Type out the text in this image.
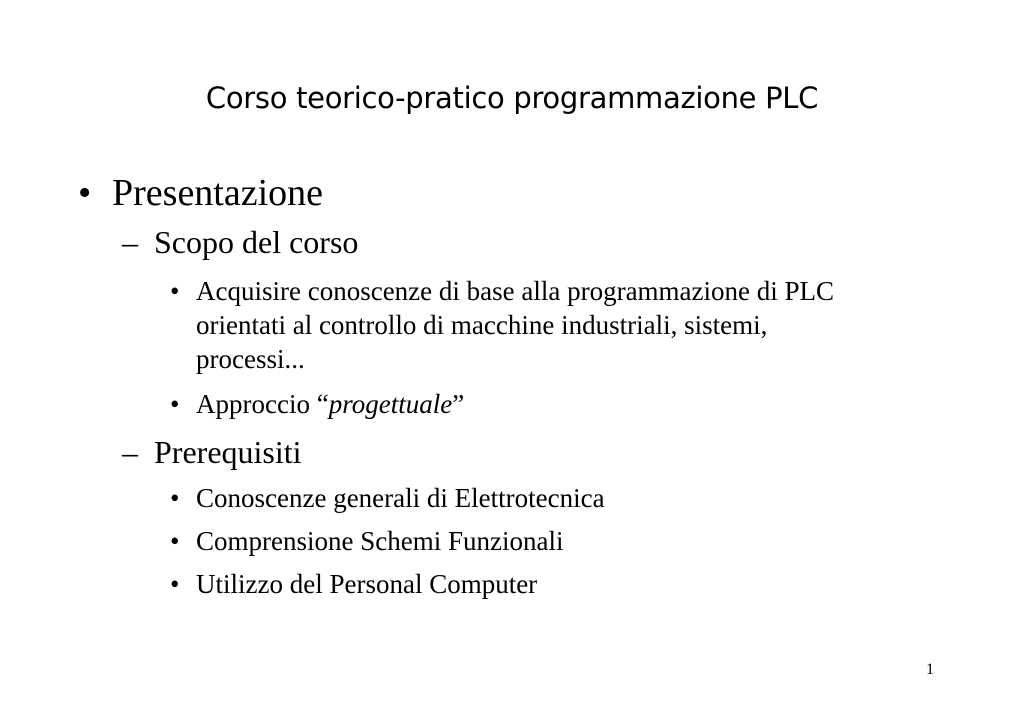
Corso teorico-pratico programmazione PLC
• Presentazione
– Scopo del corso
• Acquisire conoscenze di base alla programmazione di PLC
orientati al controllo di macchine industriali, sistemi,
processi...
• Approccio “progettuale”
– Prerequisiti
• Conoscenze generali di Elettrotecnica
• Comprensione Schemi Funzionali
• Utilizzo del Personal Computer
1
